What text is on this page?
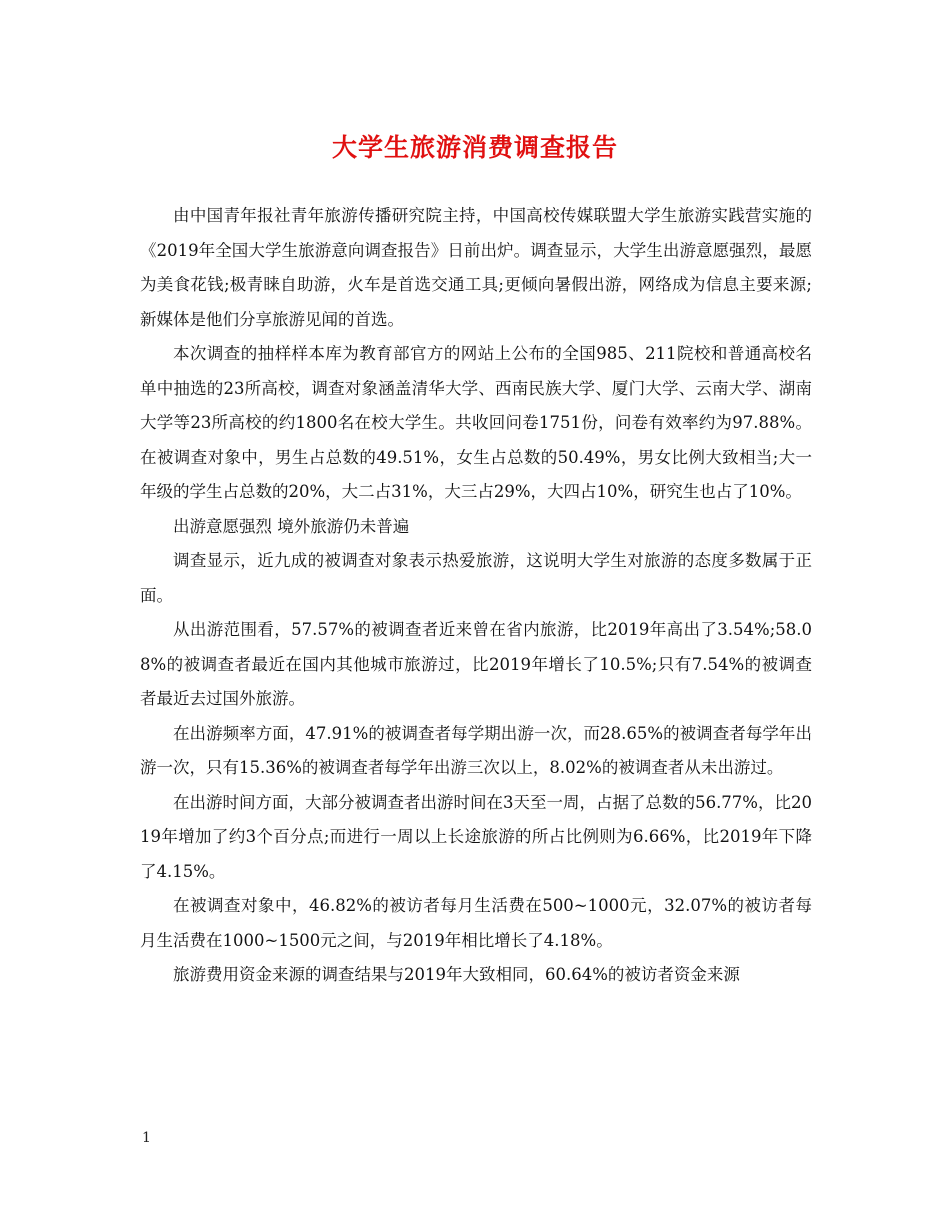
大学生旅游消费调查报告

由中国青年报社青年旅游传播研究院主持，中国高校传媒联盟大学生旅游实践营实施的《2019年全国大学生旅游意向调查报告》日前出炉。调查显示，大学生出游意愿强烈，最愿为美食花钱;极青睐自助游，火车是首选交通工具;更倾向暑假出游，网络成为信息主要来源;新媒体是他们分享旅游见闻的首选。

本次调查的抽样样本库为教育部官方的网站上公布的全国985、211院校和普通高校名单中抽选的23所高校，调查对象涵盖清华大学、西南民族大学、厦门大学、云南大学、湖南大学等23所高校的约1800名在校大学生。共收回问卷1751份，问卷有效率约为97.88%。在被调查对象中，男生占总数的49.51%，女生占总数的50.49%，男女比例大致相当;大一年级的学生占总数的20%，大二占31%，大三占29%，大四占10%，研究生也占了10%。

出游意愿强烈 境外旅游仍未普遍

调查显示，近九成的被调查对象表示热爱旅游，这说明大学生对旅游的态度多数属于正面。

从出游范围看，57.57%的被调查者近来曾在省内旅游，比2019年高出了3.54%;58.08%的被调查者最近在国内其他城市旅游过，比2019年增长了10.5%;只有7.54%的被调查者最近去过国外旅游。

在出游频率方面，47.91%的被调查者每学期出游一次，而28.65%的被调查者每学年出游一次，只有15.36%的被调查者每学年出游三次以上，8.02%的被调查者从未出游过。

在出游时间方面，大部分被调查者出游时间在3天至一周，占据了总数的56.77%，比2019年增加了约3个百分点;而进行一周以上长途旅游的所占比例则为6.66%，比2019年下降了4.15%。

在被调查对象中，46.82%的被访者每月生活费在500~1000元，32.07%的被访者每月生活费在1000~1500元之间，与2019年相比增长了4.18%。

旅游费用资金来源的调查结果与2019年大致相同，60.64%的被访者资金来源

1
